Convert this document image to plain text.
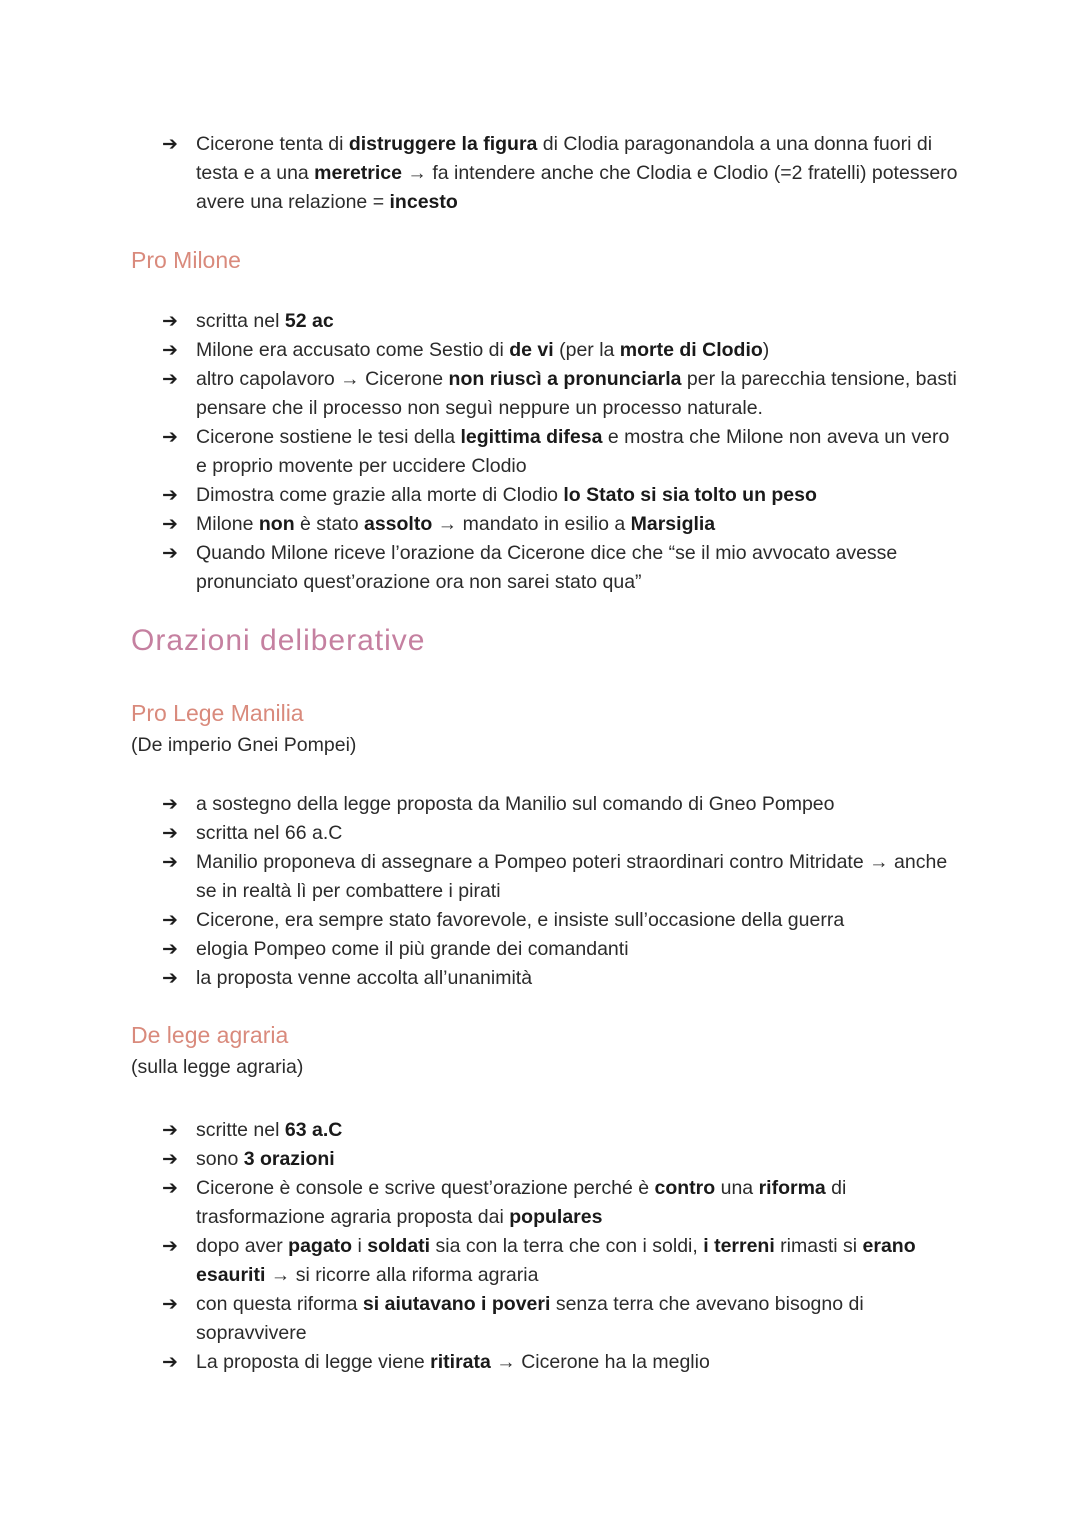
➔ Cicerone tenta di distruggere la figura di Clodia paragonandola a una donna fuori di testa e a una meretrice → fa intendere anche che Clodia e Clodio (=2 fratelli) potessero avere una relazione = incesto
Pro Milone
➔ scritta nel 52 ac
➔ Milone era accusato come Sestio di de vi (per la morte di Clodio)
➔ altro capolavoro → Cicerone non riuscì a pronunciarla per la parecchia tensione, basti pensare che il processo non seguì neppure un processo naturale.
➔ Cicerone sostiene le tesi della legittima difesa e mostra che Milone non aveva un vero e proprio movente per uccidere Clodio
➔ Dimostra come grazie alla morte di Clodio lo Stato si sia tolto un peso
➔ Milone non è stato assolto → mandato in esilio a Marsiglia
➔ Quando Milone riceve l’orazione da Cicerone dice che “se il mio avvocato avesse pronunciato quest’orazione ora non sarei stato qua”
Orazioni deliberative
Pro Lege Manilia
(De imperio Gnei Pompei)
➔ a sostegno della legge proposta da Manilio sul comando di Gneo Pompeo
➔ scritta nel 66 a.C
➔ Manilio proponeva di assegnare a Pompeo poteri straordinari contro Mitridate → anche se in realtà lì per combattere i pirati
➔ Cicerone, era sempre stato favorevole, e insiste sull’occasione della guerra
➔ elogia Pompeo come il più grande dei comandanti
➔ la proposta venne accolta all’unanimità
De lege agraria
(sulla legge agraria)
➔ scritte nel 63 a.C
➔ sono 3 orazioni
➔ Cicerone è console e scrive quest’orazione perché è contro una riforma di trasformazione agraria proposta dai populares
➔ dopo aver pagato i soldati sia con la terra che con i soldi, i terreni rimasti si erano esauriti → si ricorre alla riforma agraria
➔ con questa riforma si aiutavano i poveri senza terra che avevano bisogno di sopravvivere
➔ La proposta di legge viene ritirata → Cicerone ha la meglio
